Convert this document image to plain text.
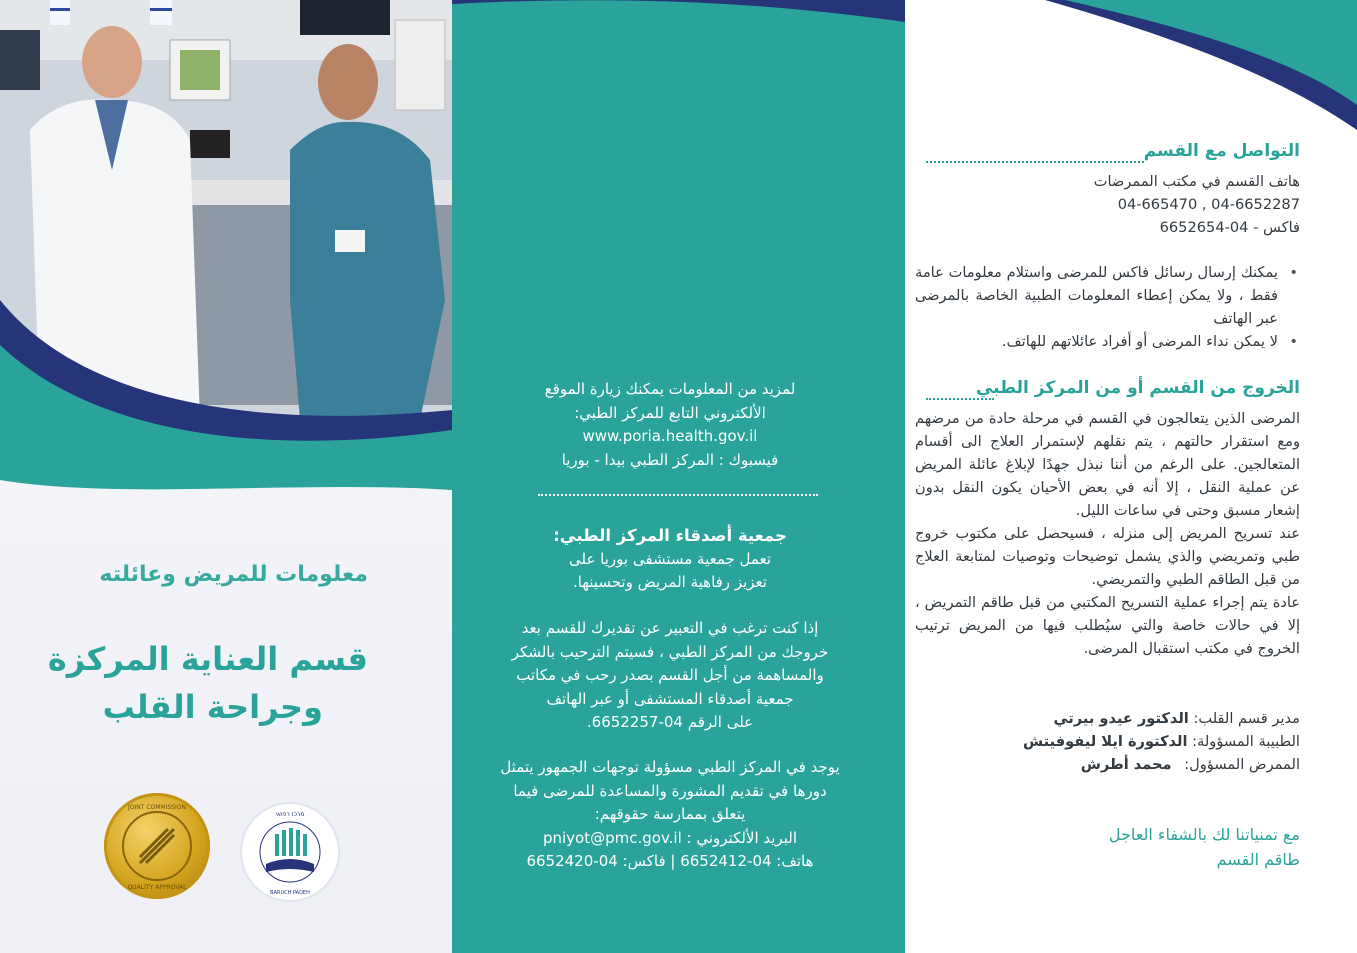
معلومات للمريض وعائلته
قسم العناية المركزة
وجراحة القلب
JOINT COMMISSION
QUALITY APPROVAL
מרכז רפואי
BARUCH PADEH
لمزيد من المعلومات يمكنك زيارة الموقع
الألكتروني التابع للمركز الطبي:
www.poria.health.gov.il
فيسبوك : المركز الطبي بيدا - بوريا
جمعية أصدقاء المركز الطبي:
تعمل جمعية مستشفى بوريا على
تعزيز رفاهية المريض وتحسينها.
إذا كنت ترغب في التعبير عن تقديرك للقسم بعد
خروجك من المركز الطبي ، فسيتم الترحيب بالشكر
والمساهمة من أجل القسم بصدر رحب في مكاتب
جمعية أصدقاء المستشفى أو عبر الهاتف
على الرقم 04-6652257.
يوجد في المركز الطبي مسؤولة توجهات الجمهور يتمثل
دورها في تقديم المشورة والمساعدة للمرضى فيما
يتعلق بممارسة حقوقهم:
البريد الألكتروني : pniyot@pmc.gov.il
هاتف: 04-6652412 | فاكس: 04-6652420
التواصل مع القسم
هاتف القسم في مكتب الممرضات
04-6652287 , 04-665470
فاكس - 04-6652654
• يمكنك إرسال رسائل فاكس للمرضى واستلام معلومات عامة فقط ، ولا يمكن إعطاء المعلومات الطبية الخاصة بالمرضى عبر الهاتف
• لا يمكن نداء المرضى أو أفراد عائلاتهم للهاتف.
الخروج من القسم أو من المركز الطبي
المرضى الذين يتعالجون في القسم في مرحلة حادة من مرضهم ومع استقرار حالتهم ، يتم نقلهم لإستمرار العلاج الى أقسام المتعالجين. على الرغم من أننا نبذل جهدًا لإبلاغ عائلة المريض عن عملية النقل ، إلا أنه في بعض الأحيان يكون النقل بدون إشعار مسبق وحتى في ساعات الليل.
عند تسريح المريض إلى منزله ، فسيحصل على مكتوب خروج طبي وتمريضي والذي يشمل توضيحات وتوصيات لمتابعة العلاج من قبل الطاقم الطبي والتمريضي.
عادة يتم إجراء عملية التسريح المكتبي من قبل طاقم التمريض ، إلا في حالات خاصة والتي سيُطلب فيها من المريض ترتيب الخروج في مكتب استقبال المرضى.
مدير قسم القلب: الدكتور عيدو بيرتي
الطبيبة المسؤولة: الدكتورة ايلا ليفوفيتش
الممرض المسؤول: محمد أطرش
مع تمنياتنا لك بالشفاء العاجل
طاقم القسم
